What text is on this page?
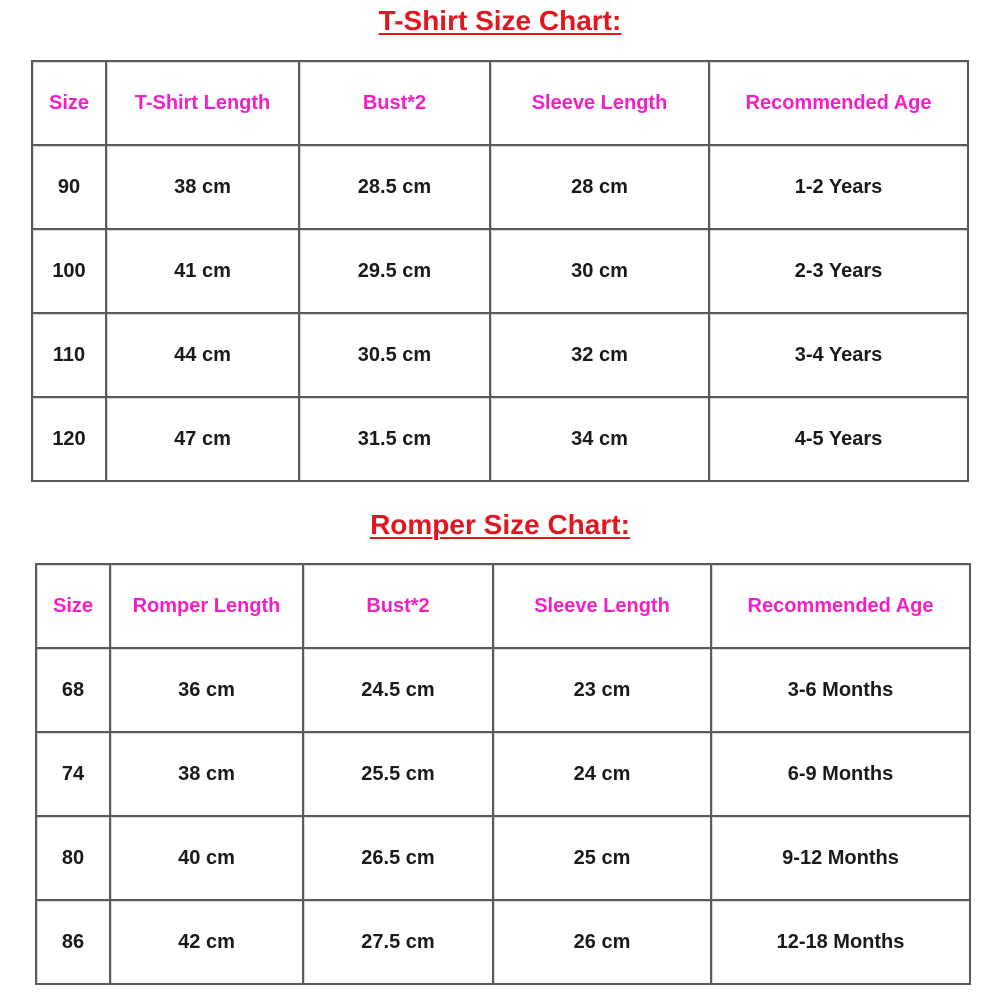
T-Shirt Size Chart:
Size	T-Shirt Length	Bust*2	Sleeve Length	Recommended Age
90	38 cm	28.5 cm	28 cm	1-2 Years
100	41 cm	29.5 cm	30 cm	2-3 Years
110	44 cm	30.5 cm	32 cm	3-4 Years
120	47 cm	31.5 cm	34 cm	4-5 Years
Romper Size Chart:
Size	Romper Length	Bust*2	Sleeve Length	Recommended Age
68	36 cm	24.5 cm	23 cm	3-6 Months
74	38 cm	25.5 cm	24 cm	6-9 Months
80	40 cm	26.5 cm	25 cm	9-12 Months
86	42 cm	27.5 cm	26 cm	12-18 Months
